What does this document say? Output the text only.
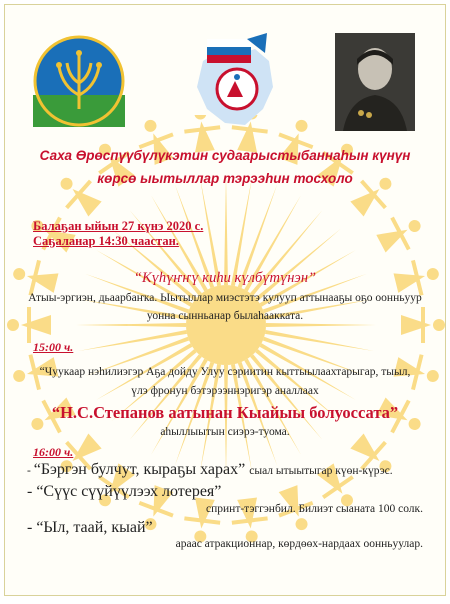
Саха Өрөспүүбүлүкэтин судаарыстыбаннаһын күнүн
көрсө ыытыллар тэрээһин тосхоло
Балаҕан ыйын 27 күнэ 2020 с.
Саҕаланар 14:30 чаастан.
“Күһүҥҥү киһи күлбүтүнэн”
Атыы-эргиэн, дьаарбаҥка. Ыытыллар миэстэтэ кулууп аттынааҕы оҕо оонньуур уонна сынньанар былаһаакката.
15:00 ч.
“Чуукаар нэһилиэгэр Аҕа дойду Улуу сэриитин кыттыылаахтарыгар, тыыл,
үлэ фронун бэтэрээннэригэр аналлаах
“Н.С.Степанов аатынан Кыайыы болуоссата”
аһыллыытын сиэрэ-туома.
16:00 ч.
- “Бэргэн булчут, кыраҕы харах” сыал ытыытыгар күөн-күрэс.
- “Сүүс сүүйүүлээх лотерея”
спринт-тэггэнбил. Билиэт сыаната 100 солк.
- “Ыл, таай, кыай”
араас атракционнар, көрдөөх-нардаах оонньуулар.
